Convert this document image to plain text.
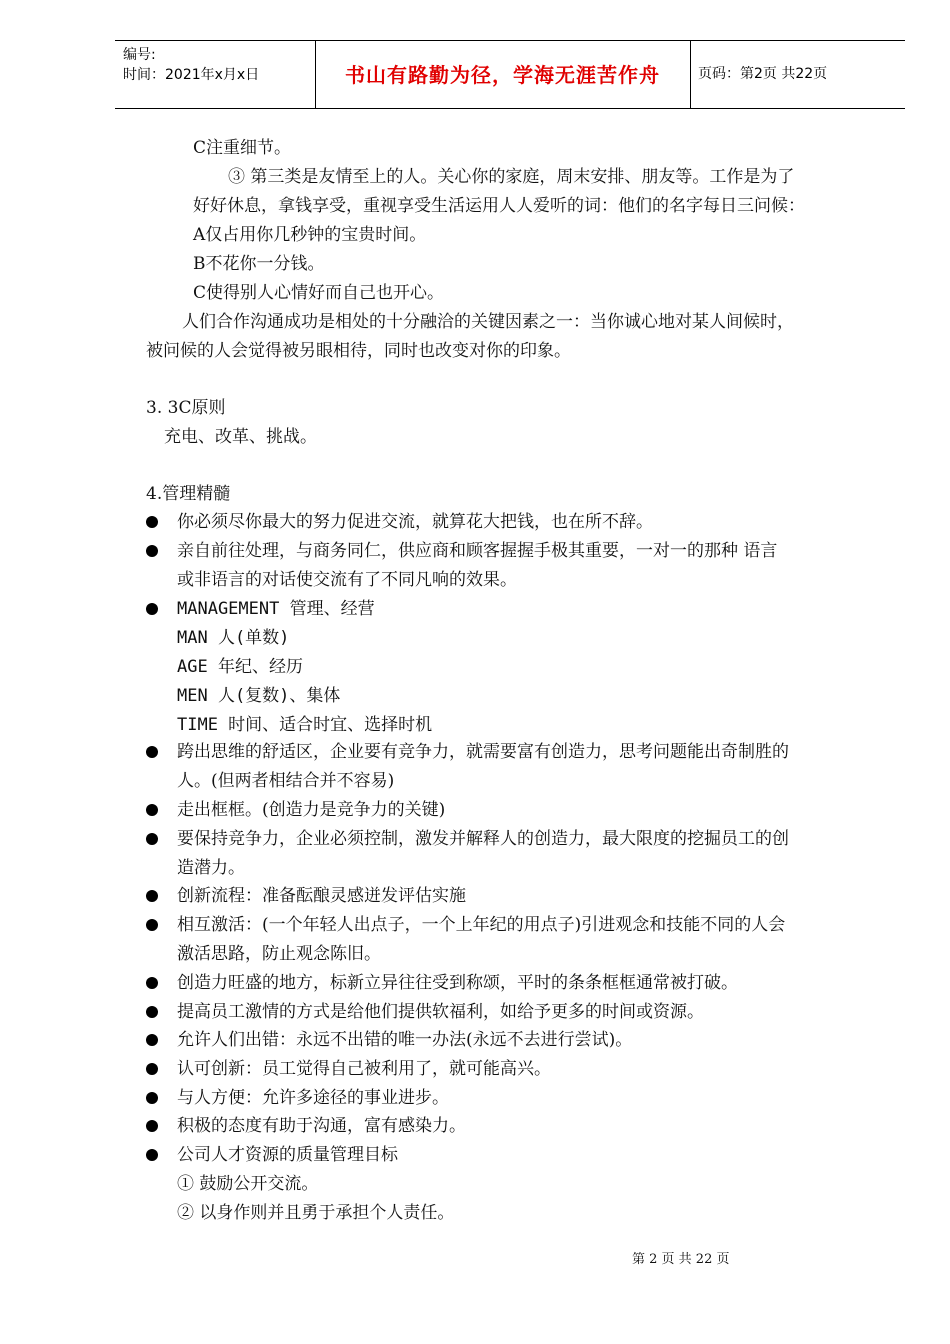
编号:
时间：2021年x月x日	书山有路勤为径，学海无涯苦作舟	页码：第2页 共22页
C注重细节。
③ 第三类是友情至上的人。关心你的家庭，周末安排、朋友等。工作是为了
好好休息，拿钱享受，重视享受生活运用人人爱听的词：他们的名字每日三问候：
A仅占用你几秒钟的宝贵时间。
B不花你一分钱。
C使得别人心情好而自己也开心。
人们合作沟通成功是相处的十分融洽的关键因素之一：当你诚心地对某人间候时，
被问候的人会觉得被另眼相待，同时也改变对你的印象。
3. 3C原则
充电、改革、挑战。
4.管理精髓
你必须尽你最大的努力促进交流，就算花大把钱，也在所不辞。
亲自前往处理，与商务同仁，供应商和顾客握握手极其重要，一对一的那种 语言
或非语言的对话使交流有了不同凡响的效果。
MANAGEMENT 管理、经营
MAN 人(单数)
AGE 年纪、经历
MEN 人(复数)、集体
TIME 时间、适合时宜、选择时机
跨出思维的舒适区，企业要有竞争力，就需要富有创造力，思考问题能出奇制胜的
人。(但两者相结合并不容易)
走出框框。(创造力是竞争力的关键)
要保持竞争力，企业必须控制，激发并解释人的创造力，最大限度的挖掘员工的创
造潜力。
创新流程：准备酝酿灵感迸发评估实施
相互激活：(一个年轻人出点子，一个上年纪的用点子)引进观念和技能不同的人会
激活思路，防止观念陈旧。
创造力旺盛的地方，标新立异往往受到称颂，平时的条条框框通常被打破。
提高员工激情的方式是给他们提供软福利，如给予更多的时间或资源。
允许人们出错：永远不出错的唯一办法(永远不去进行尝试)。
认可创新：员工觉得自己被利用了，就可能高兴。
与人方便：允许多途径的事业进步。
积极的态度有助于沟通，富有感染力。
公司人才资源的质量管理目标
① 鼓励公开交流。
② 以身作则并且勇于承担个人责任。
第 2 页 共 22 页
